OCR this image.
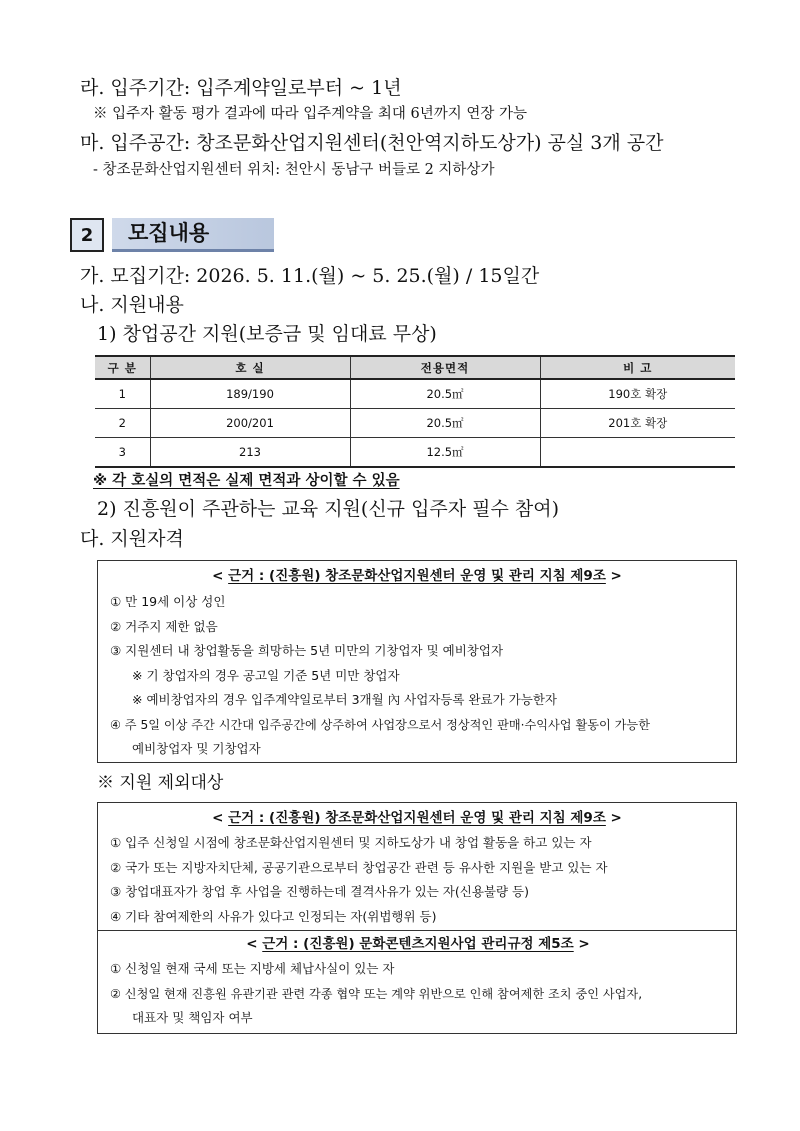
라. 입주기간: 입주계약일로부터 ~ 1년
※ 입주자 활동 평가 결과에 따라 입주계약을 최대 6년까지 연장 가능
마. 입주공간: 창조문화산업지원센터(천안역지하도상가) 공실 3개 공간
- 창조문화산업지원센터 위치: 천안시 동남구 버들로 2 지하상가
2	모집내용
가. 모집기간: 2026. 5. 11.(월) ~ 5. 25.(월) / 15일간
나. 지원내용
1) 창업공간 지원(보증금 및 임대료 무상)
구 분	호 실	전용면적	비 고
1	189/190	20.5㎡	190호 확장
2	200/201	20.5㎡	201호 확장
3	213	12.5㎡	
※ 각 호실의 면적은 실제 면적과 상이할 수 있음
2) 진흥원이 주관하는 교육 지원(신규 입주자 필수 참여)
다. 지원자격
< 근거 : (진흥원) 창조문화산업지원센터 운영 및 관리 지침 제9조 >
① 만 19세 이상 성인
② 거주지 제한 없음
③ 지원센터 내 창업활동을 희망하는 5년 미만의 기창업자 및 예비창업자
※ 기 창업자의 경우 공고일 기준 5년 미만 창업자
※ 예비창업자의 경우 입주계약일로부터 3개월 內 사업자등록 완료가 가능한자
④ 주 5일 이상 주간 시간대 입주공간에 상주하여 사업장으로서 정상적인 판매·수익사업 활동이 가능한
예비창업자 및 기창업자
※ 지원 제외대상
< 근거 : (진흥원) 창조문화산업지원센터 운영 및 관리 지침 제9조 >
① 입주 신청일 시점에 창조문화산업지원센터 및 지하도상가 내 창업 활동을 하고 있는 자
② 국가 또는 지방자치단체, 공공기관으로부터 창업공간 관련 등 유사한 지원을 받고 있는 자
③ 창업대표자가 창업 후 사업을 진행하는데 결격사유가 있는 자(신용불량 등)
④ 기타 참여제한의 사유가 있다고 인정되는 자(위법행위 등)
< 근거 : (진흥원) 문화콘텐츠지원사업 관리규정 제5조 >
① 신청일 현재 국세 또는 지방세 체납사실이 있는 자
② 신청일 현재 진흥원 유관기관 관련 각종 협약 또는 계약 위반으로 인해 참여제한 조치 중인 사업자,
대표자 및 책임자 여부
